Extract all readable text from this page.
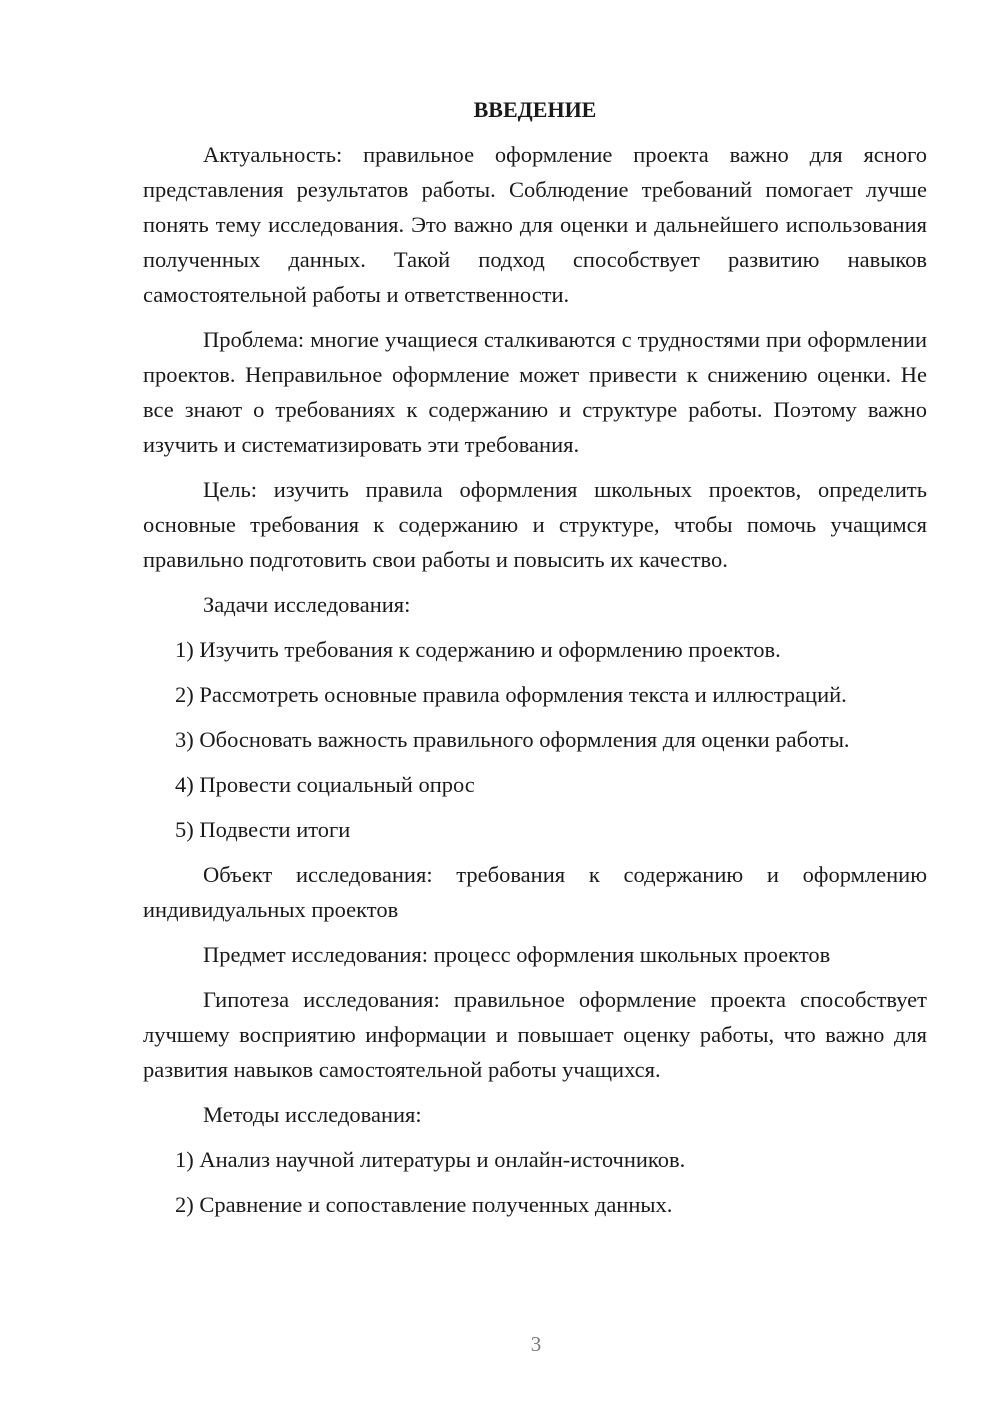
ВВЕДЕНИЕ
Актуальность: правильное оформление проекта важно для ясного представления результатов работы. Соблюдение требований помогает лучше понять тему исследования. Это важно для оценки и дальнейшего использования полученных данных. Такой подход способствует развитию навыков самостоятельной работы и ответственности.
Проблема: многие учащиеся сталкиваются с трудностями при оформлении проектов. Неправильное оформление может привести к снижению оценки. Не все знают о требованиях к содержанию и структуре работы. Поэтому важно изучить и систематизировать эти требования.
Цель: изучить правила оформления школьных проектов, определить основные требования к содержанию и структуре, чтобы помочь учащимся правильно подготовить свои работы и повысить их качество.
Задачи исследования:
1) Изучить требования к содержанию и оформлению проектов.
2) Рассмотреть основные правила оформления текста и иллюстраций.
3) Обосновать важность правильного оформления для оценки работы.
4) Провести социальный опрос
5) Подвести итоги
Объект исследования: требования к содержанию и оформлению индивидуальных проектов
Предмет исследования: процесс оформления школьных проектов
Гипотеза исследования: правильное оформление проекта способствует лучшему восприятию информации и повышает оценку работы, что важно для развития навыков самостоятельной работы учащихся.
Методы исследования:
1) Анализ научной литературы и онлайн-источников.
2) Сравнение и сопоставление полученных данных.
3
